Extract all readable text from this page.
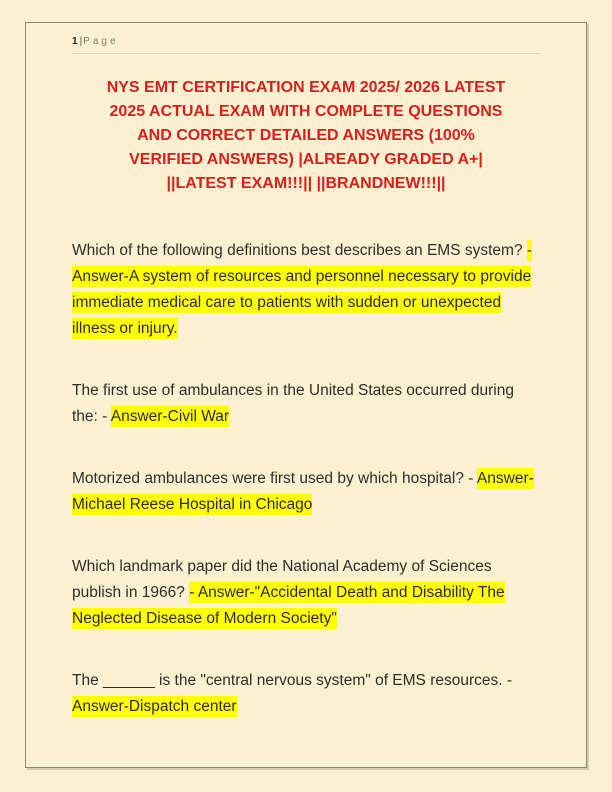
1|Page
NYS EMT CERTIFICATION EXAM 2025/ 2026 LATEST
2025 ACTUAL EXAM WITH COMPLETE QUESTIONS
AND CORRECT DETAILED ANSWERS (100%
VERIFIED ANSWERS) |ALREADY GRADED A+|
||LATEST EXAM!!!|| ||BRANDNEW!!!||

Which of the following definitions best describes an EMS system? - Answer-A system of resources and personnel necessary to provide immediate medical care to patients with sudden or unexpected illness or injury.

The first use of ambulances in the United States occurred during the: - Answer-Civil War

Motorized ambulances were first used by which hospital? - Answer-Michael Reese Hospital in Chicago

Which landmark paper did the National Academy of Sciences publish in 1966? - Answer-"Accidental Death and Disability The Neglected Disease of Modern Society"

The ______ is the "central nervous system" of EMS resources. - Answer-Dispatch center
